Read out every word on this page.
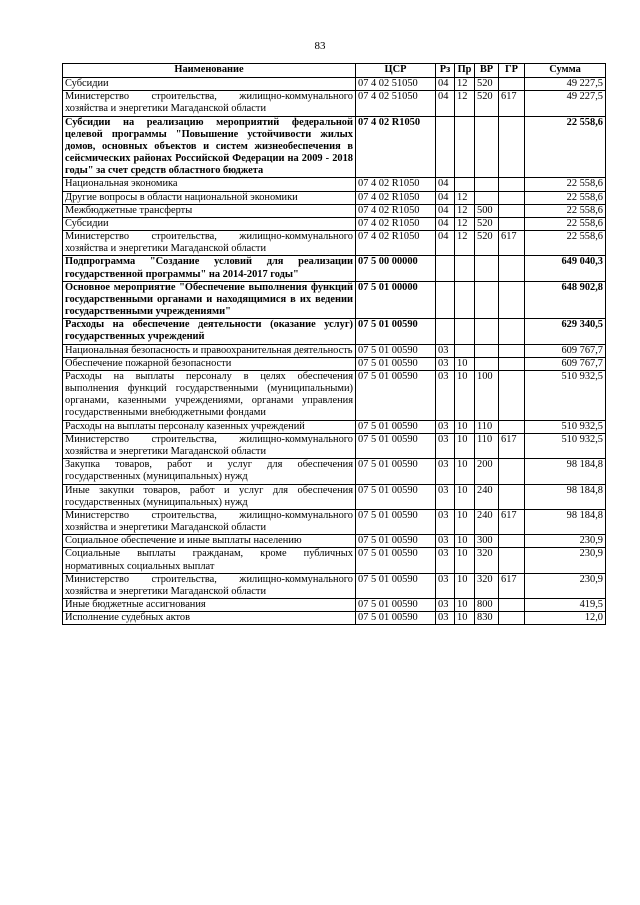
83
Наименование	ЦСР	Рз	Пр	ВР	ГР	Сумма
Субсидии	07 4 02 51050	04	12	520		49 227,5
Министерство строительства, жилищно-коммунального хозяйства и энергетики Магаданской области	07 4 02 51050	04	12	520	617	49 227,5
Субсидии на реализацию мероприятий федеральной целевой программы "Повышение устойчивости жилых домов, основных объектов и систем жизнеобеспечения в сейсмических районах Российской Федерации на 2009 - 2018 годы" за счет средств областного бюджета	07 4 02 R1050					22 558,6
Национальная экономика	07 4 02 R1050	04				22 558,6
Другие вопросы в области национальной экономики	07 4 02 R1050	04	12			22 558,6
Межбюджетные трансферты	07 4 02 R1050	04	12	500		22 558,6
Субсидии	07 4 02 R1050	04	12	520		22 558,6
Министерство строительства, жилищно-коммунального хозяйства и энергетики Магаданской области	07 4 02 R1050	04	12	520	617	22 558,6
Подпрограмма "Создание условий для реализации государственной программы" на 2014-2017 годы"	07 5 00 00000					649 040,3
Основное мероприятие "Обеспечение выполнения функций государственными органами и находящимися в их ведении государственными учреждениями"	07 5 01 00000					648 902,8
Расходы на обеспечение деятельности (оказание услуг) государственных учреждений	07 5 01 00590					629 340,5
Национальная безопасность и правоохранительная деятельность	07 5 01 00590	03				609 767,7
Обеспечение пожарной безопасности	07 5 01 00590	03	10			609 767,7
Расходы на выплаты персоналу в целях обеспечения выполнения функций государственными (муниципальными) органами, казенными учреждениями, органами управления государственными внебюджетными фондами	07 5 01 00590	03	10	100		510 932,5
Расходы на выплаты персоналу казенных учреждений	07 5 01 00590	03	10	110		510 932,5
Министерство строительства, жилищно-коммунального хозяйства и энергетики Магаданской области	07 5 01 00590	03	10	110	617	510 932,5
Закупка товаров, работ и услуг для обеспечения государственных (муниципальных) нужд	07 5 01 00590	03	10	200		98 184,8
Иные закупки товаров, работ и услуг для обеспечения государственных (муниципальных) нужд	07 5 01 00590	03	10	240		98 184,8
Министерство строительства, жилищно-коммунального хозяйства и энергетики Магаданской области	07 5 01 00590	03	10	240	617	98 184,8
Социальное обеспечение и иные выплаты населению	07 5 01 00590	03	10	300		230,9
Социальные выплаты гражданам, кроме публичных нормативных социальных выплат	07 5 01 00590	03	10	320		230,9
Министерство строительства, жилищно-коммунального хозяйства и энергетики Магаданской области	07 5 01 00590	03	10	320	617	230,9
Иные бюджетные ассигнования	07 5 01 00590	03	10	800		419,5
Исполнение судебных актов	07 5 01 00590	03	10	830		12,0
